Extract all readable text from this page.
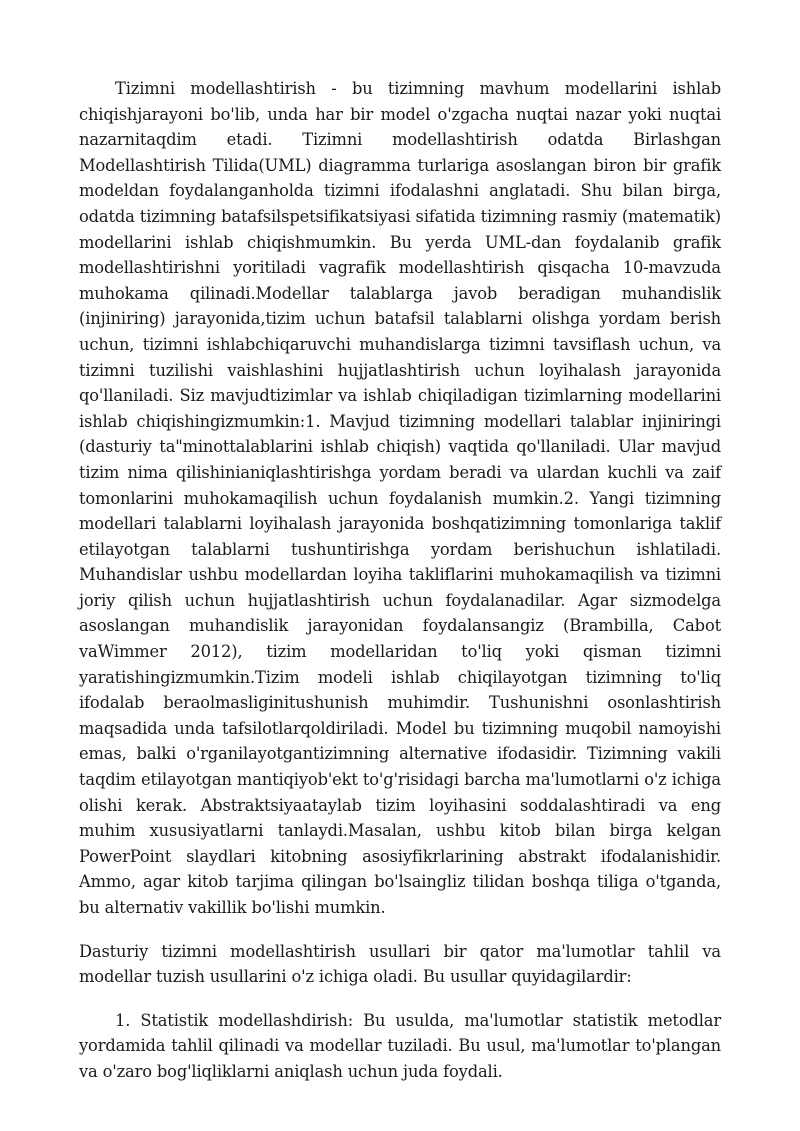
Tizimni modellashtirish - bu tizimning mavhum modellarini ishlab chiqishjarayoni bo'lib, unda har bir model o'zgacha nuqtai nazar yoki nuqtai nazarnitaqdim etadi. Tizimni modellashtirish odatda Birlashgan Modellashtirish Tilida(UML) diagramma turlariga asoslangan biron bir grafik modeldan foydalanganholda tizimni ifodalashni anglatadi. Shu bilan birga, odatda tizimning batafsilspetsifikatsiyasi sifatida tizimning rasmiy (matematik) modellarini ishlab chiqishmumkin. Bu yerda UML-dan foydalanib grafik modellashtirishni yoritiladi vagrafik modellashtirish qisqacha 10-mavzuda muhokama qilinadi.Modellar talablarga javob beradigan muhandislik (injiniring) jarayonida,tizim uchun batafsil talablarni olishga yordam berish uchun, tizimni ishlabchiqaruvchi muhandislarga tizimni tavsiflash uchun, va tizimni tuzilishi vaishlashini hujjatlashtirish uchun loyihalash jarayonida qo'llaniladi. Siz mavjudtizimlar va ishlab chiqiladigan tizimlarning modellarini ishlab chiqishingizmumkin:1. Mavjud tizimning modellari talablar injiniringi (dasturiy ta"minottalablarini ishlab chiqish) vaqtida qo'llaniladi. Ular mavjud tizim nima qilishinianiqlashtirishga yordam beradi va ulardan kuchli va zaif tomonlarini muhokamaqilish uchun foydalanish mumkin.2. Yangi tizimning modellari talablarni loyihalash jarayonida boshqatizimning tomonlariga taklif etilayotgan talablarni tushuntirishga yordam berishuchun ishlatiladi. Muhandislar ushbu modellardan loyiha takliflarini muhokamaqilish va tizimni joriy qilish uchun hujjatlashtirish uchun foydalanadilar. Agar sizmodelga asoslangan muhandislik jarayonidan foydalansangiz (Brambilla, Cabot vaWimmer 2012), tizim modellaridan to'liq yoki qisman tizimni yaratishingizmumkin.Tizim modeli ishlab chiqilayotgan tizimning to'liq ifodalab beraolmasliginitushunish muhimdir. Tushunishni osonlashtirish maqsadida unda tafsilotlarqoldiriladi. Model bu tizimning muqobil namoyishi emas, balki o'rganilayotgantizimning alternative ifodasidir. Tizimning vakili taqdim etilayotgan mantiqiyob'ekt to'g'risidagi barcha ma'lumotlarni o'z ichiga olishi kerak. Abstraktsiyaataylab tizim loyihasini soddalashtiradi va eng muhim xususiyatlarni tanlaydi.Masalan, ushbu kitob bilan birga kelgan PowerPoint slaydlari kitobning asosiyfikrlarining abstrakt ifodalanishidir. Ammo, agar kitob tarjima qilingan bo'lsaingliz tilidan boshqa tiliga o'tganda, bu alternativ vakillik bo'lishi mumkin.

Dasturiy tizimni modellashtirish usullari bir qator ma'lumotlar tahlil va modellar tuzish usullarini o'z ichiga oladi. Bu usullar quyidagilardir:

1. Statistik modellashdirish: Bu usulda, ma'lumotlar statistik metodlar yordamida tahlil qilinadi va modellar tuziladi. Bu usul, ma'lumotlar to'plangan va o'zaro bog'liqliklarni aniqlash uchun juda foydali.
